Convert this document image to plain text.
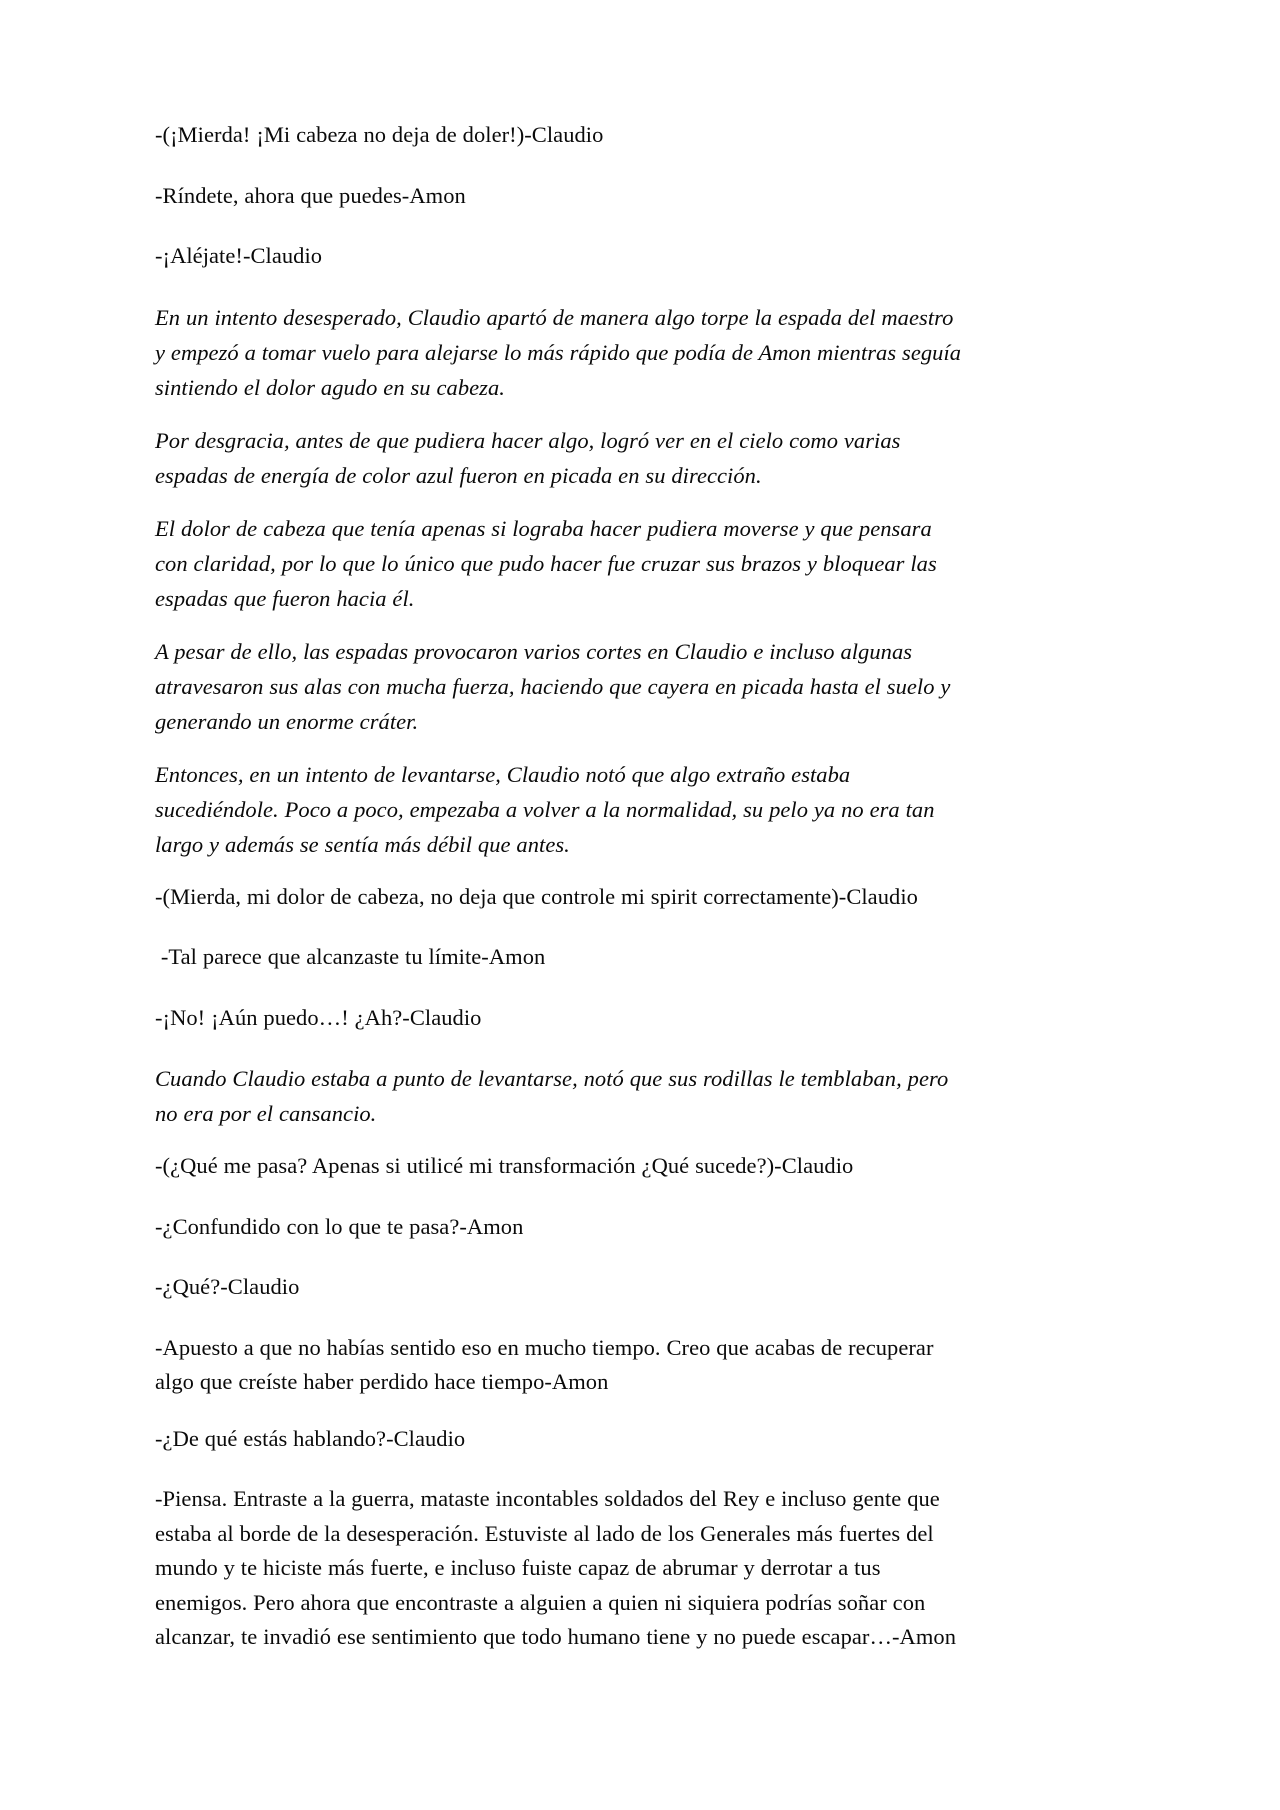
-(¡Mierda! ¡Mi cabeza no deja de doler!)-Claudio

-Ríndete, ahora que puedes-Amon

-¡Aléjate!-Claudio

En un intento desesperado, Claudio apartó de manera algo torpe la espada del maestro y empezó a tomar vuelo para alejarse lo más rápido que podía de Amon mientras seguía sintiendo el dolor agudo en su cabeza.

Por desgracia, antes de que pudiera hacer algo, logró ver en el cielo como varias espadas de energía de color azul fueron en picada en su dirección.

El dolor de cabeza que tenía apenas si lograba hacer pudiera moverse y que pensara con claridad, por lo que lo único que pudo hacer fue cruzar sus brazos y bloquear las espadas que fueron hacia él.

A pesar de ello, las espadas provocaron varios cortes en Claudio e incluso algunas atravesaron sus alas con mucha fuerza, haciendo que cayera en picada hasta el suelo y generando un enorme cráter.

Entonces, en un intento de levantarse, Claudio notó que algo extraño estaba sucediéndole. Poco a poco, empezaba a volver a la normalidad, su pelo ya no era tan largo y además se sentía más débil que antes.

-(Mierda, mi dolor de cabeza, no deja que controle mi spirit correctamente)-Claudio

-Tal parece que alcanzaste tu límite-Amon

-¡No! ¡Aún puedo…! ¿Ah?-Claudio

Cuando Claudio estaba a punto de levantarse, notó que sus rodillas le temblaban, pero no era por el cansancio.

-(¿Qué me pasa? Apenas si utilicé mi transformación ¿Qué sucede?)-Claudio

-¿Confundido con lo que te pasa?-Amon

-¿Qué?-Claudio

-Apuesto a que no habías sentido eso en mucho tiempo. Creo que acabas de recuperar algo que creíste haber perdido hace tiempo-Amon

-¿De qué estás hablando?-Claudio

-Piensa. Entraste a la guerra, mataste incontables soldados del Rey e incluso gente que estaba al borde de la desesperación. Estuviste al lado de los Generales más fuertes del mundo y te hiciste más fuerte, e incluso fuiste capaz de abrumar y derrotar a tus enemigos. Pero ahora que encontraste a alguien a quien ni siquiera podrías soñar con alcanzar, te invadió ese sentimiento que todo humano tiene y no puede escapar…-Amon
